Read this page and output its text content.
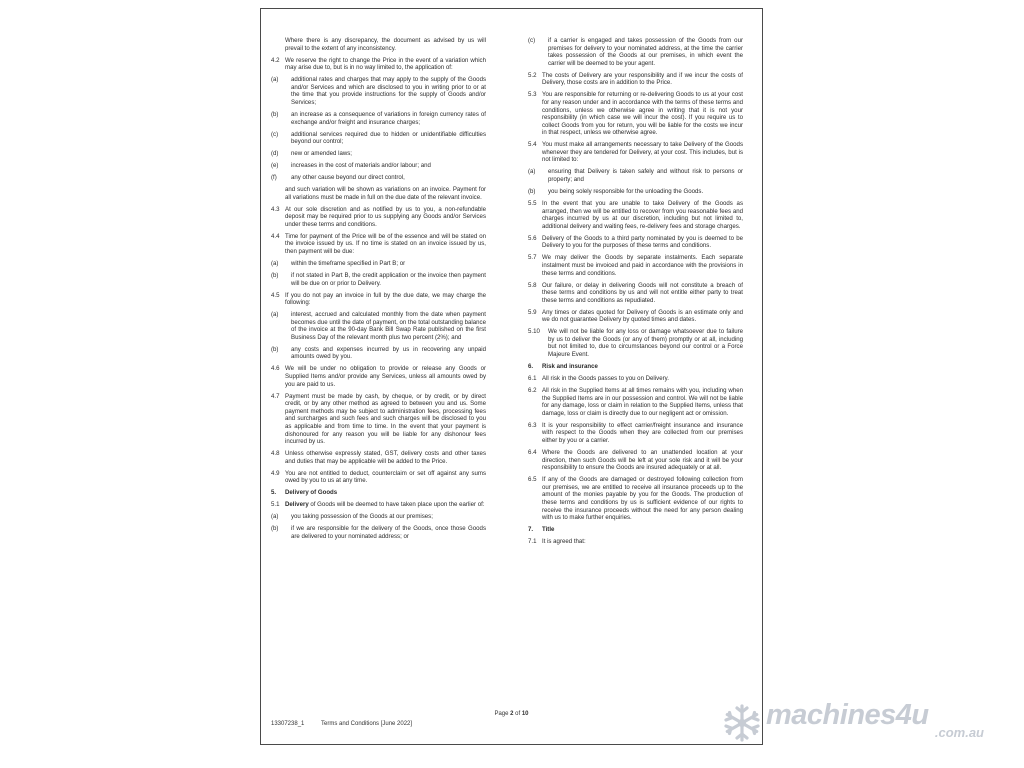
Where there is any discrepancy, the document as advised by us will prevail to the extent of any inconsistency.
4.2 We reserve the right to change the Price in the event of a variation which may arise due to, but is in no way limited to, the application of:
(a) additional rates and charges that may apply to the supply of the Goods and/or Services and which are disclosed to you in writing prior to or at the time that you provide instructions for the supply of Goods and/or Services;
(b) an increase as a consequence of variations in foreign currency rates of exchange and/or freight and insurance charges;
(c) additional services required due to hidden or unidentifiable difficulties beyond our control;
(d) new or amended laws;
(e) increases in the cost of materials and/or labour; and
(f) any other cause beyond our direct control,
and such variation will be shown as variations on an invoice. Payment for all variations must be made in full on the due date of the relevant invoice.
4.3 At our sole discretion and as notified by us to you, a non-refundable deposit may be required prior to us supplying any Goods and/or Services under these terms and conditions.
4.4 Time for payment of the Price will be of the essence and will be stated on the invoice issued by us. If no time is stated on an invoice issued by us, then payment will be due:
(a) within the timeframe specified in Part B; or
(b) if not stated in Part B, the credit application or the invoice then payment will be due on or prior to Delivery.
4.5 If you do not pay an invoice in full by the due date, we may charge the following:
(a) interest, accrued and calculated monthly from the date when payment becomes due until the date of payment, on the total outstanding balance of the invoice at the 90-day Bank Bill Swap Rate published on the first Business Day of the relevant month plus two percent (2%); and
(b) any costs and expenses incurred by us in recovering any unpaid amounts owed by you.
4.6 We will be under no obligation to provide or release any Goods or Supplied Items and/or provide any Services, unless all amounts owed by you are paid to us.
4.7 Payment must be made by cash, by cheque, or by credit, or by direct credit, or by any other method as agreed to between you and us. Some payment methods may be subject to administration fees, processing fees and surcharges and such fees and such charges will be disclosed to you as applicable and from time to time. In the event that your payment is dishonoured for any reason you will be liable for any dishonour fees incurred by us.
4.8 Unless otherwise expressly stated, GST, delivery costs and other taxes and duties that may be applicable will be added to the Price.
4.9 You are not entitled to deduct, counterclaim or set off against any sums owed by you to us at any time.
5. Delivery of Goods
5.1 Delivery of Goods will be deemed to have taken place upon the earlier of:
(a) you taking possession of the Goods at our premises;
(b) if we are responsible for the delivery of the Goods, once those Goods are delivered to your nominated address; or
(c) if a carrier is engaged and takes possession of the Goods from our premises for delivery to your nominated address, at the time the carrier takes possession of the Goods at our premises, in which event the carrier will be deemed to be your agent.
5.2 The costs of Delivery are your responsibility and if we incur the costs of Delivery, those costs are in addition to the Price.
5.3 You are responsible for returning or re-delivering Goods to us at your cost for any reason under and in accordance with the terms of these terms and conditions, unless we otherwise agree in writing that it is not your responsibility (in which case we will incur the cost). If you require us to collect Goods from you for return, you will be liable for the costs we incur in that respect, unless we otherwise agree.
5.4 You must make all arrangements necessary to take Delivery of the Goods whenever they are tendered for Delivery, at your cost. This includes, but is not limited to:
(a) ensuring that Delivery is taken safely and without risk to persons or property; and
(b) you being solely responsible for the unloading the Goods.
5.5 In the event that you are unable to take Delivery of the Goods as arranged, then we will be entitled to recover from you reasonable fees and charges incurred by us at our discretion, including but not limited to, additional delivery and waiting fees, re-delivery fees and storage charges.
5.6 Delivery of the Goods to a third party nominated by you is deemed to be Delivery to you for the purposes of these terms and conditions.
5.7 We may deliver the Goods by separate instalments. Each separate instalment must be invoiced and paid in accordance with the provisions in these terms and conditions.
5.8 Our failure, or delay in delivering Goods will not constitute a breach of these terms and conditions by us and will not entitle either party to treat these terms and conditions as repudiated.
5.9 Any times or dates quoted for Delivery of Goods is an estimate only and we do not guarantee Delivery by quoted times and dates.
5.10 We will not be liable for any loss or damage whatsoever due to failure by us to deliver the Goods (or any of them) promptly or at all, including but not limited to, due to circumstances beyond our control or a Force Majeure Event.
6. Risk and insurance
6.1 All risk in the Goods passes to you on Delivery.
6.2 All risk in the Supplied Items at all times remains with you, including when the Supplied Items are in our possession and control. We will not be liable for any damage, loss or claim in relation to the Supplied Items, unless that damage, loss or claim is directly due to our negligent act or omission.
6.3 It is your responsibility to effect carrier/freight insurance and insurance with respect to the Goods when they are collected from our premises either by you or a carrier.
6.4 Where the Goods are delivered to an unattended location at your direction, then such Goods will be left at your sole risk and it will be your responsibility to ensure the Goods are insured adequately or at all.
6.5 If any of the Goods are damaged or destroyed following collection from our premises, we are entitled to receive all insurance proceeds up to the amount of the monies payable by you for the Goods. The production of these terms and conditions by us is sufficient evidence of our rights to receive the insurance proceeds without the need for any person dealing with us to make further enquiries.
7. Title
7.1 It is agreed that:
Page 2 of 10
13307238_1	Terms and Conditions [June 2022]	machines4u
.com.au
